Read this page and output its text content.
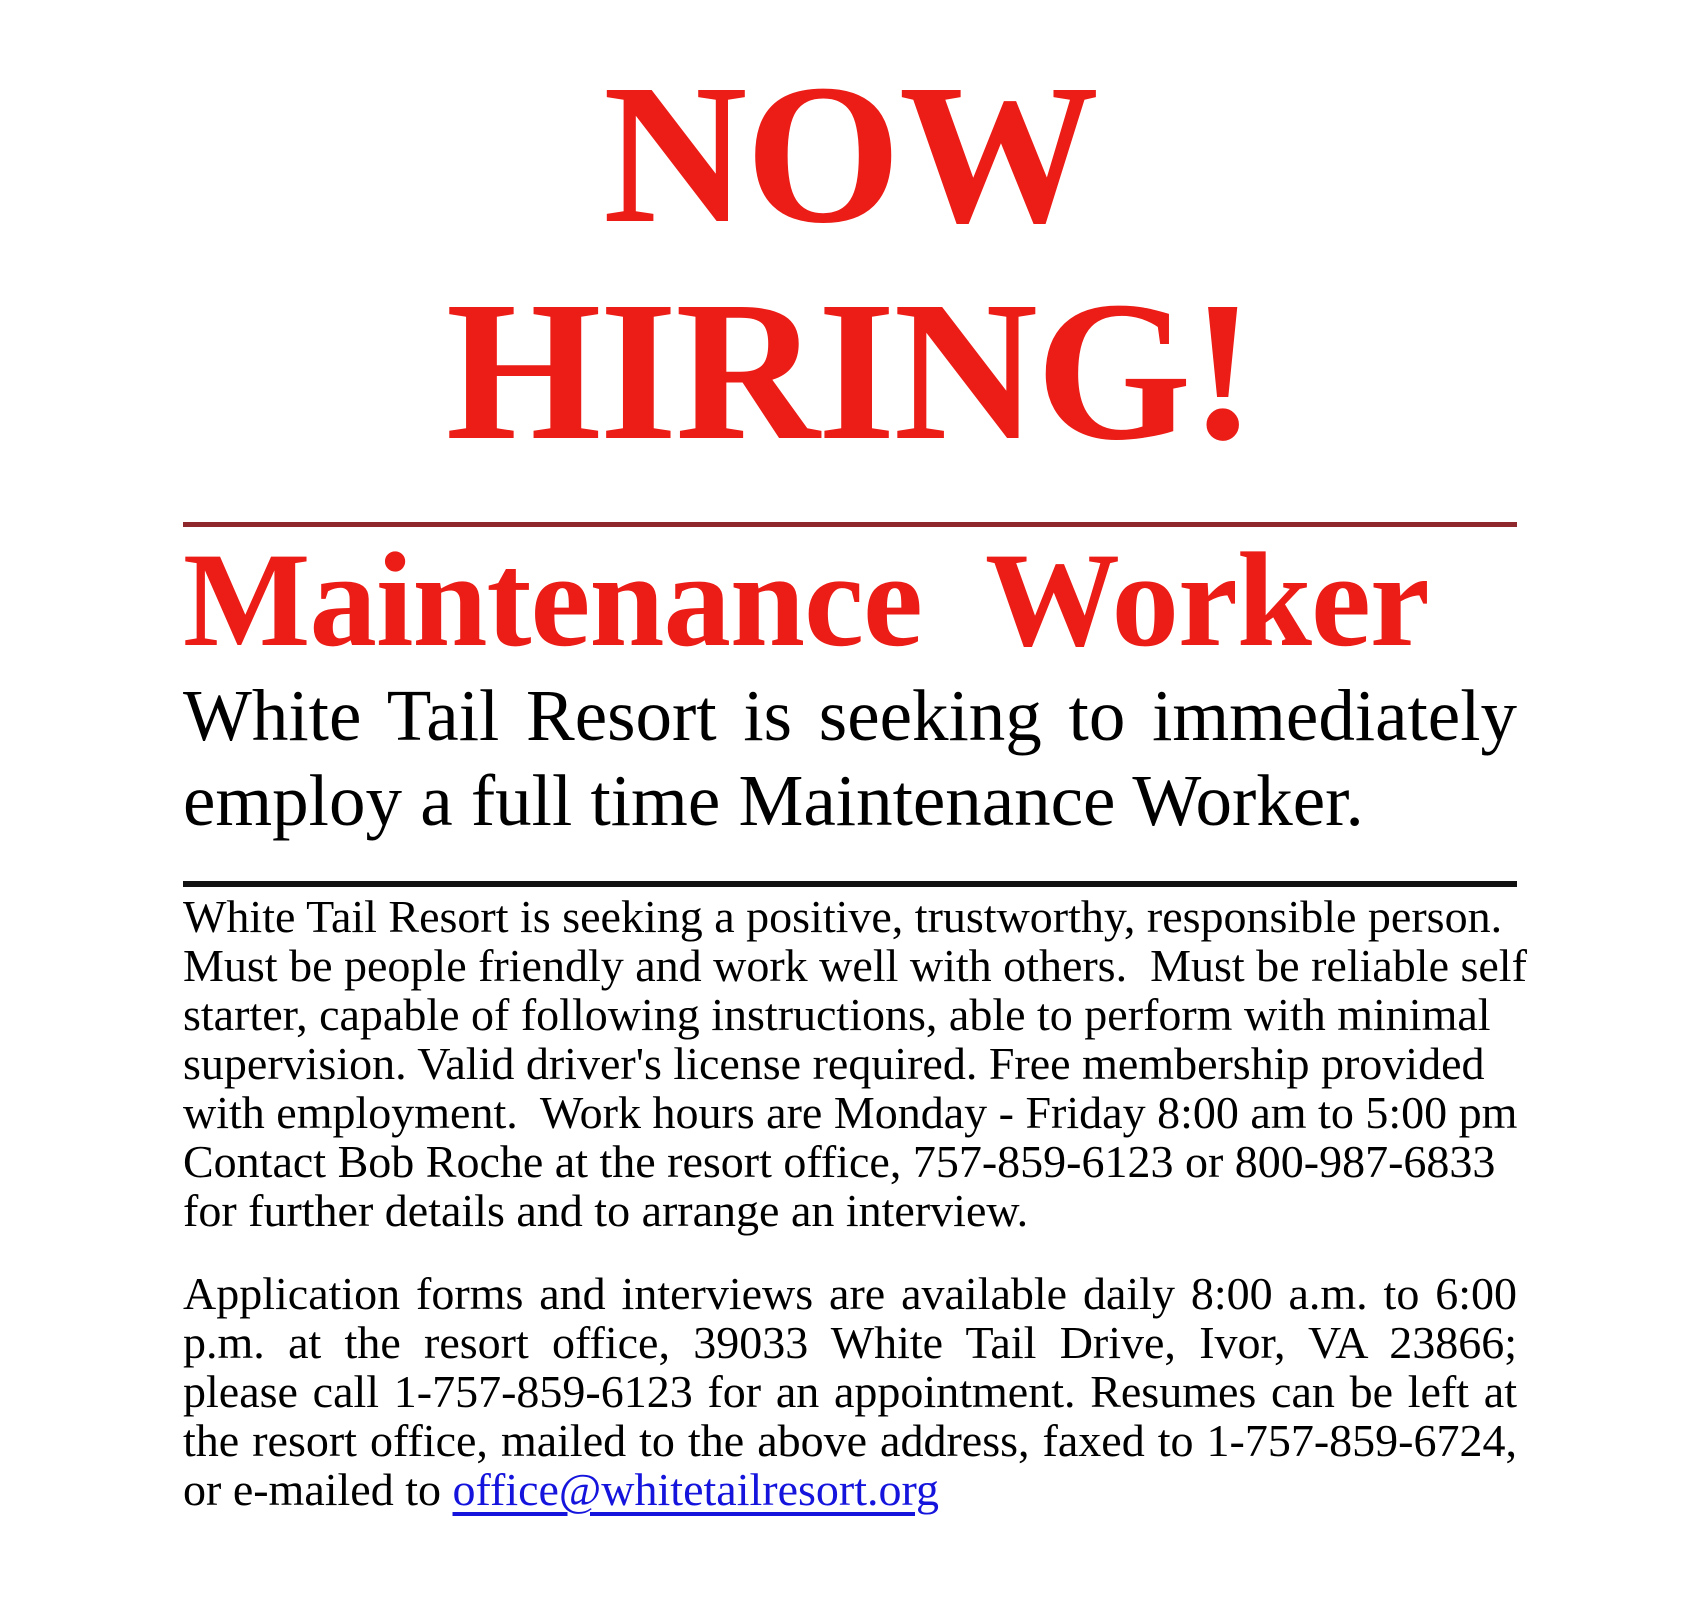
NOW
HIRING!
Maintenance  Worker
White Tail Resort is seeking to immediately
employ a full time Maintenance Worker.
White Tail Resort is seeking a positive, trustworthy, responsible person.
Must be people friendly and work well with others.  Must be reliable self
starter, capable of following instructions, able to perform with minimal
supervision. Valid driver's license required. Free membership provided
with employment.  Work hours are Monday - Friday 8:00 am to 5:00 pm
Contact Bob Roche at the resort office, 757-859-6123 or 800-987-6833
for further details and to arrange an interview.
Application forms and interviews are available daily 8:00 a.m. to 6:00
p.m. at the resort office, 39033 White Tail Drive, Ivor, VA 23866;
please call 1-757-859-6123 for an appointment. Resumes can be left at
the resort office, mailed to the above address, faxed to 1-757-859-6724,
or e-mailed to office@whitetailresort.org
